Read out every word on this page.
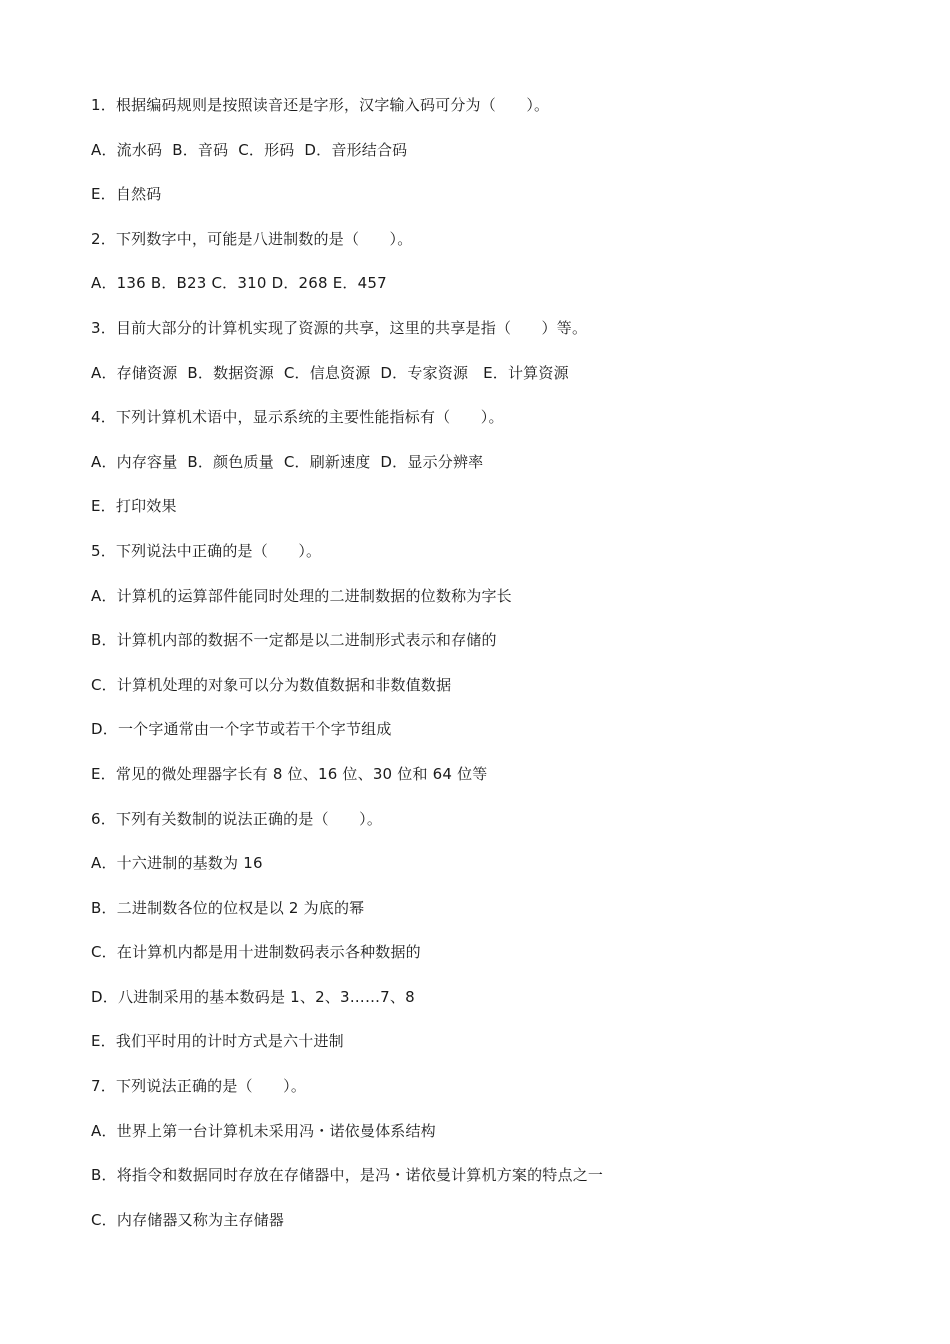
1．根据编码规则是按照读音还是字形，汉字输入码可分为（　　）。
A．流水码  B．音码  C．形码  D．音形结合码
E．自然码
2．下列数字中，可能是八进制数的是（　　）。
A．136 B．B23 C．310 D．268 E．457
3．目前大部分的计算机实现了资源的共享，这里的共享是指（　　）等。
A．存储资源  B．数据资源  C．信息资源  D．专家资源   E．计算资源
4．下列计算机术语中，显示系统的主要性能指标有（　　）。
A．内存容量  B．颜色质量  C．刷新速度  D．显示分辨率
E．打印效果
5．下列说法中正确的是（　　）。
A．计算机的运算部件能同时处理的二进制数据的位数称为字长
B．计算机内部的数据不一定都是以二进制形式表示和存储的
C．计算机处理的对象可以分为数值数据和非数值数据
D．一个字通常由一个字节或若干个字节组成
E．常见的微处理器字长有 8 位、16 位、30 位和 64 位等
6．下列有关数制的说法正确的是（　　）。
A．十六进制的基数为 16
B．二进制数各位的位权是以 2 为底的幂
C．在计算机内都是用十进制数码表示各种数据的
D．八进制采用的基本数码是 1、2、3……7、8
E．我们平时用的计时方式是六十进制
7．下列说法正确的是（　　）。
A．世界上第一台计算机未采用冯・诺依曼体系结构
B．将指令和数据同时存放在存储器中，是冯・诺依曼计算机方案的特点之一
C．内存储器又称为主存储器
